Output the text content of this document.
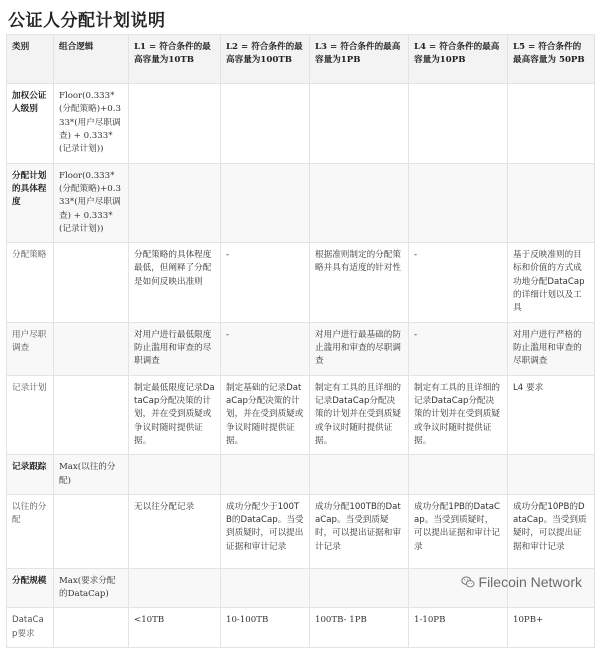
公证人分配计划说明
类别	组合逻辑	L1 = 符合条件的最高容量为10TB	L2 = 符合条件的最高容量为100TB	L3 = 符合条件的最高容量为1PB	L4 = 符合条件的最高容量为10PB	L5 = 符合条件的最高容量为 50PB
加权公证人级别	Floor(0.333*(分配策略)+0.333*(用户尽职调查) + 0.333*(记录计划))					
分配计划的具体程度	Floor(0.333*(分配策略)+0.333*(用户尽职调查) + 0.333*(记录计划))					
分配策略		分配策略的具体程度最低，但阐释了分配是如何反映出准则	-	根据准则制定的分配策略并具有适度的针对性	-	基于反映准则的目标和价值的方式成功地分配DataCap的详细计划以及工具
用户尽职调查		对用户进行最低限度防止滥用和审查的尽职调查	-	对用户进行最基础的防止滥用和审查的尽职调查	-	对用户进行严格的防止滥用和审查的尽职调查
记录计划		制定最低限度记录DataCap分配决策的计划，并在受到质疑或争议时随时提供证据。	制定基础的记录DataCap分配决策的计划，并在受到质疑或争议时随时提供证据。	制定有工具的且详细的记录DataCap分配决策的计划并在受到质疑或争议时随时提供证据。	制定有工具的且详细的记录DataCap分配决策的计划并在受到质疑或争议时随时提供证据。	L4 要求
记录跟踪	Max(以往的分配)					
以往的分配		无以往分配记录	成功分配少于100TB的DataCap。当受到质疑时，可以提出证据和审计记录	成功分配100TB的DataCap。当受到质疑时，可以提出证据和审计记录	成功分配1PB的DataCap。当受到质疑时，可以提出证据和审计记录	成功分配10PB的DataCap。当受到质疑时，可以提出证据和审计记录
分配规模	Max(要求分配的DataCap)					
DataCap要求		<10TB	10-100TB	100TB- 1PB	1-10PB	10PB+
Filecoin Network
